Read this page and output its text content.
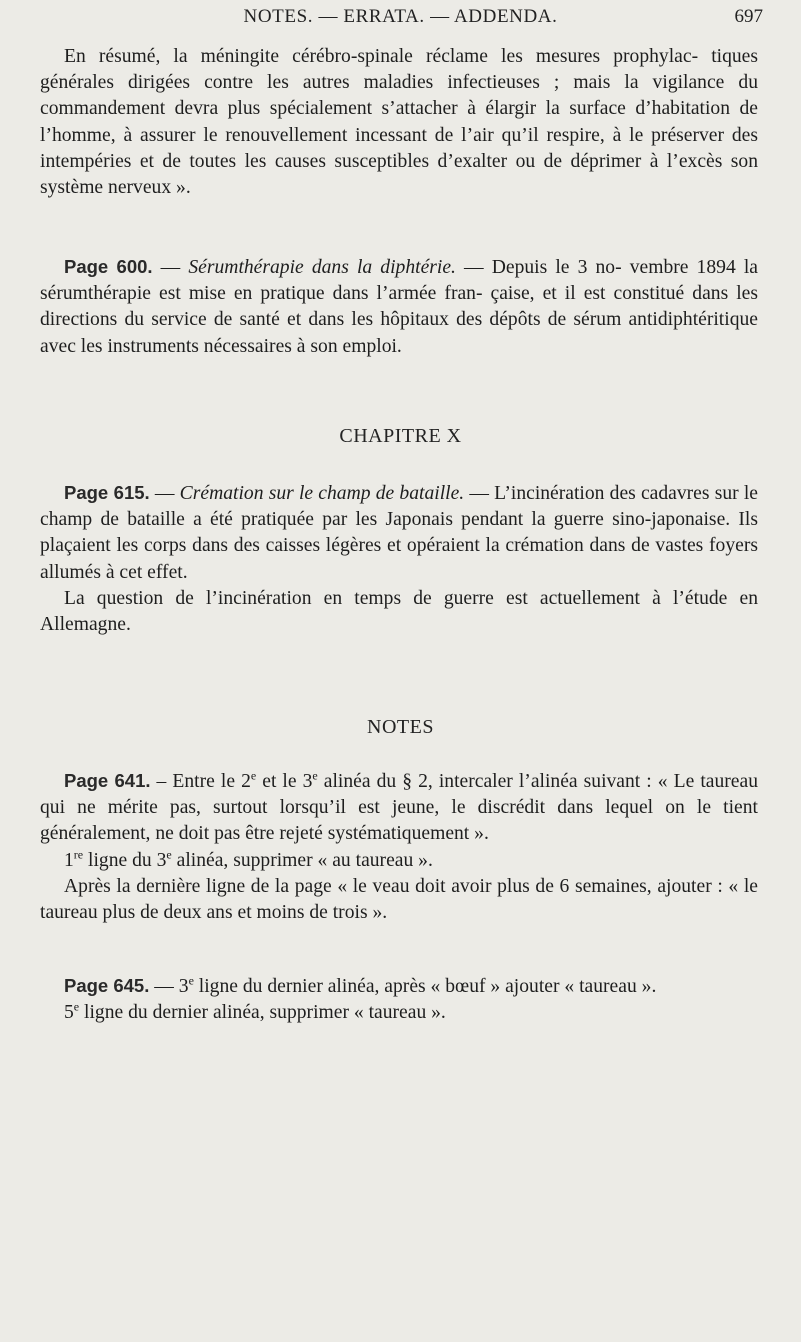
NOTES. — ERRATA. — ADDENDA.	697

En résumé, la méningite cérébro-spinale réclame les mesures prophylac‑ tiques générales dirigées contre les autres maladies infectieuses ; mais la vigilance du commandement devra plus spécialement s’attacher à élargir la surface d’habitation de l’homme, à assurer le renouvellement incessant de l’air qu’il respire, à le préserver des intempéries et de toutes les causes susceptibles d’exalter ou de déprimer à l’excès son système nerveux ».

Page 600. — Sérumthérapie dans la diphtérie. — Depuis le 3 no‑ vembre 1894 la sérumthérapie est mise en pratique dans l’armée fran‑ çaise, et il est constitué dans les directions du service de santé et dans les hôpitaux des dépôts de sérum antidiphtéritique avec les instruments nécessaires à son emploi.

CHAPITRE X

Page 615. — Crémation sur le champ de bataille. — L’incinération des cadavres sur le champ de bataille a été pratiquée par les Japonais pendant la guerre sino-japonaise. Ils plaçaient les corps dans des caisses légères et opéraient la crémation dans de vastes foyers allumés à cet effet.

La question de l’incinération en temps de guerre est actuellement à l’étude en Allemagne.

NOTES

Page 641. – Entre le 2e et le 3e alinéa du § 2, intercaler l’alinéa suivant : « Le taureau qui ne mérite pas, surtout lorsqu’il est jeune, le discrédit dans lequel on le tient généralement, ne doit pas être rejeté systématiquement ».

1re ligne du 3e alinéa, supprimer « au taureau ».

Après la dernière ligne de la page « le veau doit avoir plus de 6 semaines, ajouter : « le taureau plus de deux ans et moins de trois ».

Page 645. — 3e ligne du dernier alinéa, après « bœuf » ajouter « taureau ».

5e ligne du dernier alinéa, supprimer « taureau ».
